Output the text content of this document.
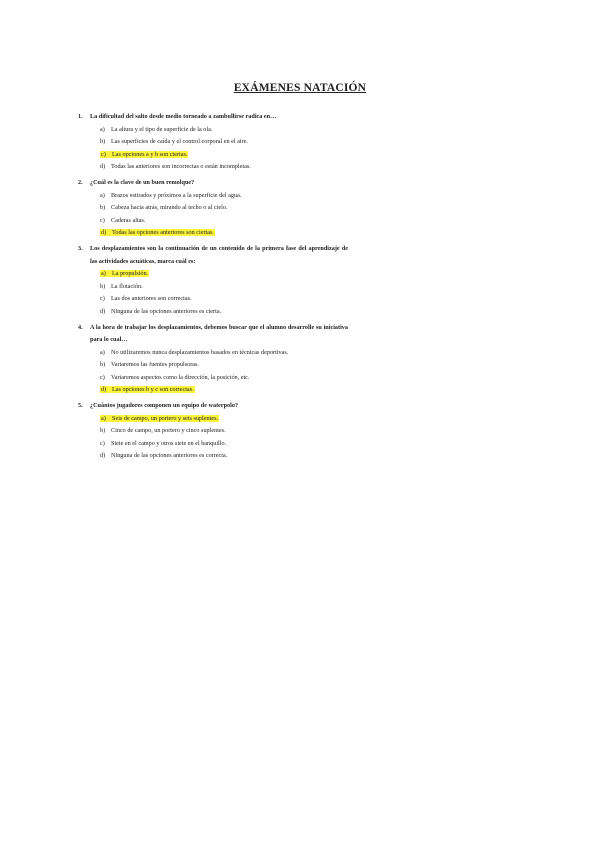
EXÁMENES NATACIÓN
1.	La dificultad del salto desde medio torneado a zambullirse radica en…
a) La altura y el tipo de superficie de la ola.
b) Las superficies de caída y el control corporal en el aire.
c) Las opciones a y b son ciertas.
d) Todas las anteriores son incorrectas o están incompletas.
2.	¿Cuál es la clave de un buen remolque?
a) Brazos estirados y próximos a la superficie del agua.
b) Cabeza hacia atrás, mirando al techo o al cielo.
c) Caderas altas.
d) Todas las opciones anteriores son ciertas.
3.	Los desplazamientos son la continuación de un contenido de la primera fase del aprendizaje de las actividades acuáticas, marca cuál es:
a) La propulsión.
b) La flotación.
c) Las dos anteriores son correctas.
d) Ninguna de las opciones anteriores es cierta.
4.	A la hora de trabajar los desplazamientos, debemos buscar que el alumno desarrolle su iniciativa para lo cual…
a) No utilizaremos nunca desplazamientos basados en técnicas deportivas.
b) Variaremos las fuentes propulsoras.
c) Variaremos aspectos como la dirección, la posición, etc.
d) Las opciones b y c son correctas.
5.	¿Cuántos jugadores componen un equipo de waterpolo?
a) Seis de campo, un portero y seis suplentes.
b) Cinco de campo, un portero y cinco suplentes.
c) Siete en el campo y otros siete en el banquillo.
d) Ninguna de las opciones anteriores es correcta.
